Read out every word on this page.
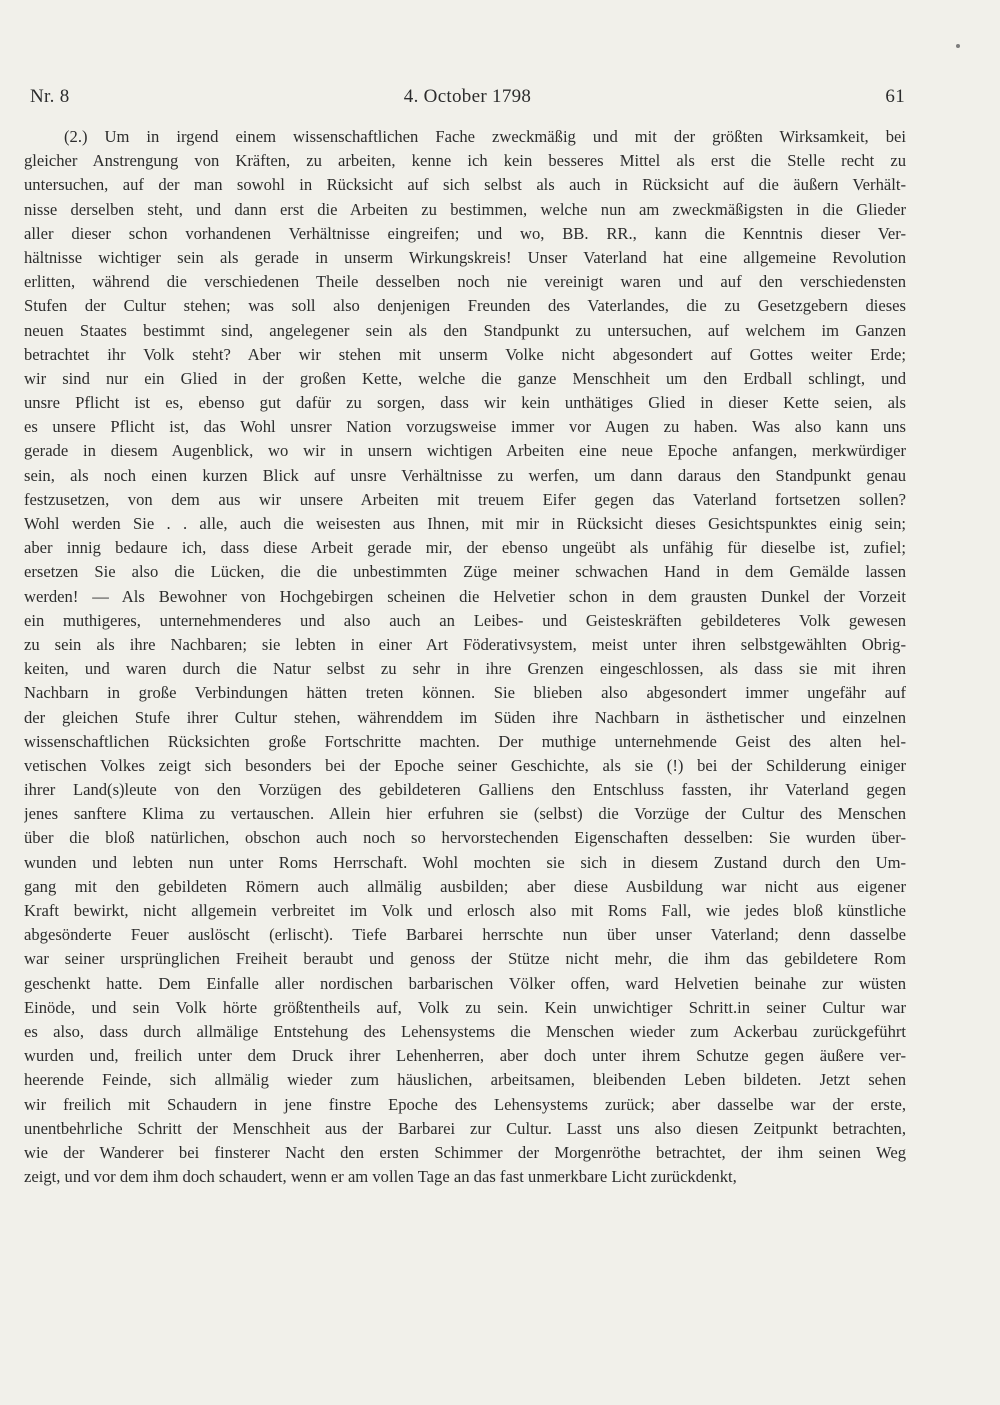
Nr. 8	4. October 1798	61
(2.) Um in irgend einem wissenschaftlichen Fache zweckmäßig und mit der größten Wirksamkeit, bei
gleicher Anstrengung von Kräften, zu arbeiten, kenne ich kein besseres Mittel als erst die Stelle recht zu
untersuchen, auf der man sowohl in Rücksicht auf sich selbst als auch in Rücksicht auf die äußern Verhält-
nisse derselben steht, und dann erst die Arbeiten zu bestimmen, welche nun am zweckmäßigsten in die Glieder
aller dieser schon vorhandenen Verhältnisse eingreifen; und wo, BB. RR., kann die Kenntnis dieser Ver-
hältnisse wichtiger sein als gerade in unserm Wirkungskreis! Unser Vaterland hat eine allgemeine Revolution
erlitten, während die verschiedenen Theile desselben noch nie vereinigt waren und auf den verschiedensten
Stufen der Cultur stehen; was soll also denjenigen Freunden des Vaterlandes, die zu Gesetzgebern dieses
neuen Staates bestimmt sind, angelegener sein als den Standpunkt zu untersuchen, auf welchem im Ganzen
betrachtet ihr Volk steht? Aber wir stehen mit unserm Volke nicht abgesondert auf Gottes weiter Erde;
wir sind nur ein Glied in der großen Kette, welche die ganze Menschheit um den Erdball schlingt, und
unsre Pflicht ist es, ebenso gut dafür zu sorgen, dass wir kein unthätiges Glied in dieser Kette seien, als
es unsere Pflicht ist, das Wohl unsrer Nation vorzugsweise immer vor Augen zu haben. Was also kann uns
gerade in diesem Augenblick, wo wir in unsern wichtigen Arbeiten eine neue Epoche anfangen, merkwürdiger
sein, als noch einen kurzen Blick auf unsre Verhältnisse zu werfen, um dann daraus den Standpunkt genau
festzusetzen, von dem aus wir unsere Arbeiten mit treuem Eifer gegen das Vaterland fortsetzen sollen?
Wohl werden Sie . . alle, auch die weisesten aus Ihnen, mit mir in Rücksicht dieses Gesichtspunktes einig sein;
aber innig bedaure ich, dass diese Arbeit gerade mir, der ebenso ungeübt als unfähig für dieselbe ist, zufiel;
ersetzen Sie also die Lücken, die die unbestimmten Züge meiner schwachen Hand in dem Gemälde lassen
werden! — Als Bewohner von Hochgebirgen scheinen die Helvetier schon in dem grausten Dunkel der Vorzeit
ein muthigeres, unternehmenderes und also auch an Leibes- und Geisteskräften gebildeteres Volk gewesen
zu sein als ihre Nachbaren; sie lebten in einer Art Föderativsystem, meist unter ihren selbstgewählten Obrig-
keiten, und waren durch die Natur selbst zu sehr in ihre Grenzen eingeschlossen, als dass sie mit ihren
Nachbarn in große Verbindungen hätten treten können. Sie blieben also abgesondert immer ungefähr auf
der gleichen Stufe ihrer Cultur stehen, währenddem im Süden ihre Nachbarn in ästhetischer und einzelnen
wissenschaftlichen Rücksichten große Fortschritte machten. Der muthige unternehmende Geist des alten hel-
vetischen Volkes zeigt sich besonders bei der Epoche seiner Geschichte, als sie (!) bei der Schilderung einiger
ihrer Land(s)leute von den Vorzügen des gebildeteren Galliens den Entschluss fassten, ihr Vaterland gegen
jenes sanftere Klima zu vertauschen. Allein hier erfuhren sie (selbst) die Vorzüge der Cultur des Menschen
über die bloß natürlichen, obschon auch noch so hervorstechenden Eigenschaften desselben: Sie wurden über-
wunden und lebten nun unter Roms Herrschaft. Wohl mochten sie sich in diesem Zustand durch den Um-
gang mit den gebildeten Römern auch allmälig ausbilden; aber diese Ausbildung war nicht aus eigener
Kraft bewirkt, nicht allgemein verbreitet im Volk und erlosch also mit Roms Fall, wie jedes bloß künstliche
abgesönderte Feuer auslöscht (erlischt). Tiefe Barbarei herrschte nun über unser Vaterland; denn dasselbe
war seiner ursprünglichen Freiheit beraubt und genoss der Stütze nicht mehr, die ihm das gebildetere Rom
geschenkt hatte. Dem Einfalle aller nordischen barbarischen Völker offen, ward Helvetien beinahe zur wüsten
Einöde, und sein Volk hörte größtentheils auf, Volk zu sein. Kein unwichtiger Schritt.in seiner Cultur war
es also, dass durch allmälige Entstehung des Lehensystems die Menschen wieder zum Ackerbau zurückgeführt
wurden und, freilich unter dem Druck ihrer Lehenherren, aber doch unter ihrem Schutze gegen äußere ver-
heerende Feinde, sich allmälig wieder zum häuslichen, arbeitsamen, bleibenden Leben bildeten. Jetzt sehen
wir freilich mit Schaudern in jene finstre Epoche des Lehensystems zurück; aber dasselbe war der erste,
unentbehrliche Schritt der Menschheit aus der Barbarei zur Cultur. Lasst uns also diesen Zeitpunkt betrachten,
wie der Wanderer bei finsterer Nacht den ersten Schimmer der Morgenröthe betrachtet, der ihm seinen Weg
zeigt, und vor dem ihm doch schaudert, wenn er am vollen Tage an das fast unmerkbare Licht zurückdenkt,
